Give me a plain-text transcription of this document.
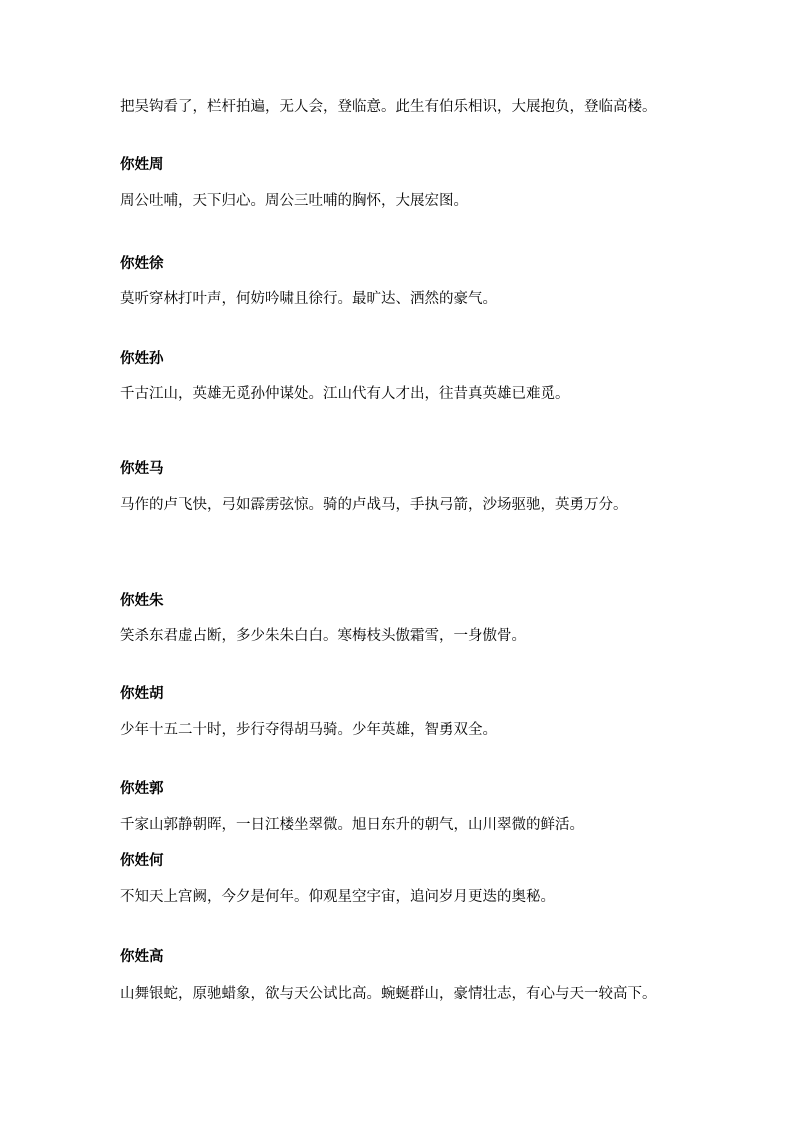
把吴钩看了，栏杆拍遍，无人会，登临意。此生有伯乐相识，大展抱负，登临高楼。

你姓周

周公吐哺，天下归心。周公三吐哺的胸怀，大展宏图。

你姓徐

莫听穿林打叶声，何妨吟啸且徐行。最旷达、洒然的豪气。

你姓孙

千古江山，英雄无觅孙仲谋处。江山代有人才出，往昔真英雄已难觅。

你姓马

马作的卢飞快，弓如霹雳弦惊。骑的卢战马，手执弓箭，沙场驱驰，英勇万分。

你姓朱

笑杀东君虚占断，多少朱朱白白。寒梅枝头傲霜雪，一身傲骨。

你姓胡

少年十五二十时，步行夺得胡马骑。少年英雄，智勇双全。

你姓郭

千家山郭静朝晖，一日江楼坐翠微。旭日东升的朝气，山川翠微的鲜活。

你姓何

不知天上宫阙，今夕是何年。仰观星空宇宙，追问岁月更迭的奥秘。

你姓高

山舞银蛇，原驰蜡象，欲与天公试比高。蜿蜒群山，豪情壮志，有心与天一较高下。
